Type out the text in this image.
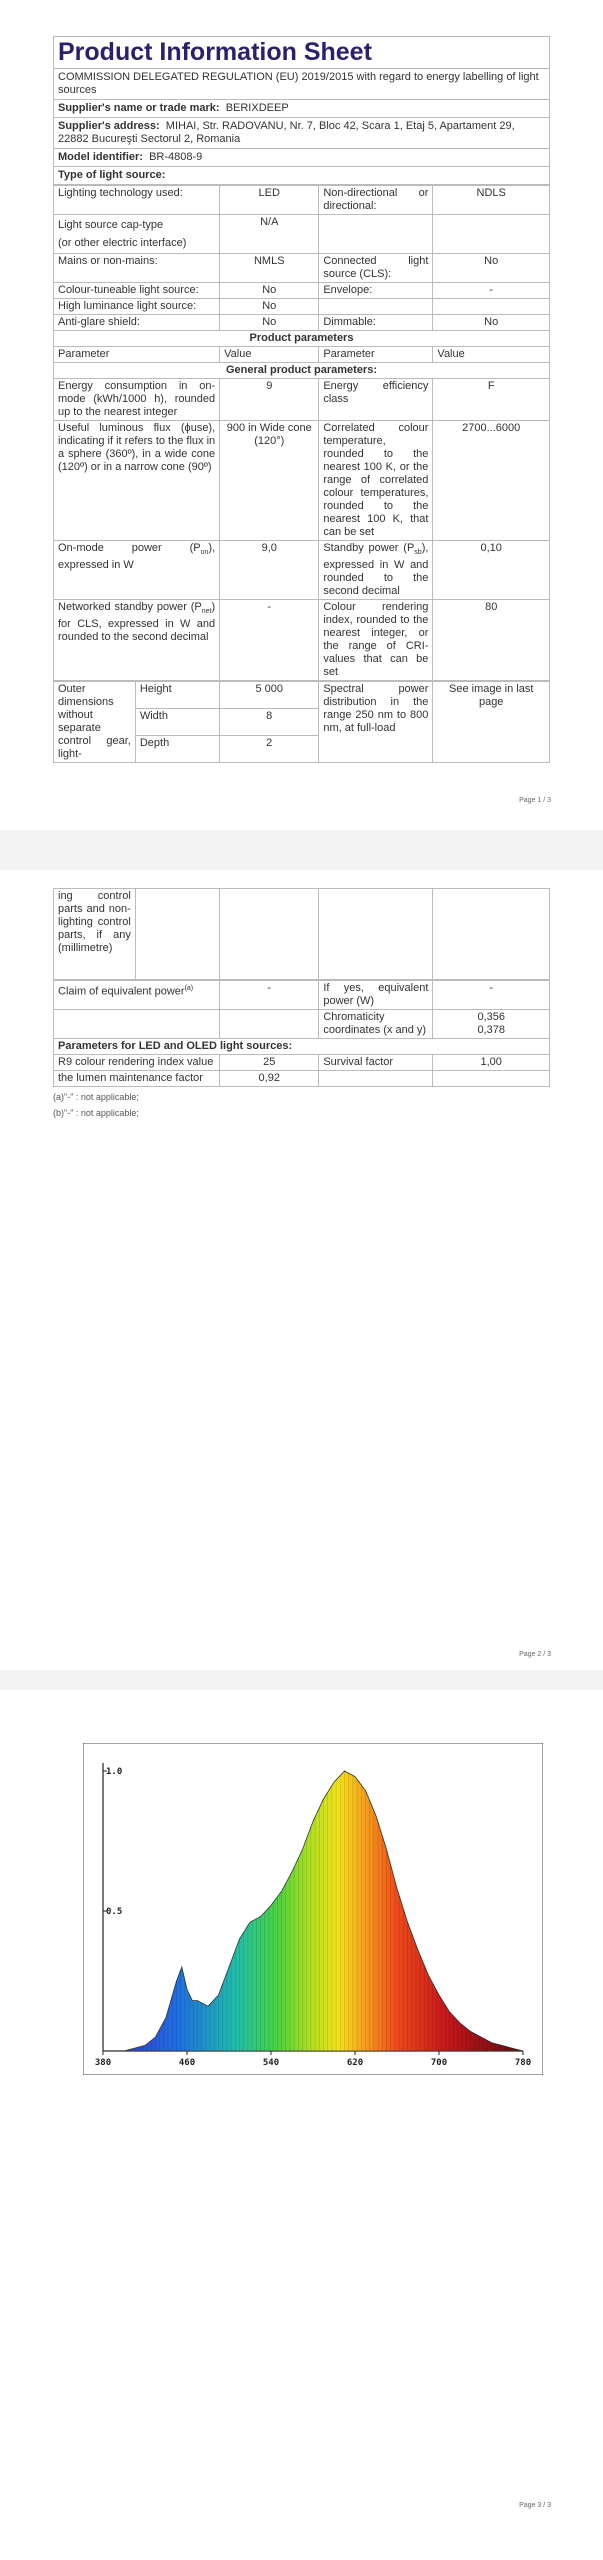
Product Information Sheet
COMMISSION DELEGATED REGULATION (EU) 2019/2015 with regard to energy labelling of light sources
Supplier's name or trade mark: BERIXDEEP
Supplier's address: MIHAI, Str. RADOVANU, Nr. 7, Bloc 42, Scara 1, Etaj 5, Apartament 29, 22882 Bucureşti Sectorul 2, Romania
Model identifier: BR-4808-9
Type of light source:
Lighting technology used:	LED	Non-directional or directional:	NDLS
Light source cap-type
(or other electric interface)	N/A		
Mains or non-mains:	NMLS	Connected light source (CLS):	No
Colour-tuneable light source:	No	Envelope:	-
High luminance light source:	No		
Anti-glare shield:	No	Dimmable:	No
Product parameters			
Parameter	Value	Parameter	Value
General product parameters:			
Energy consumption in on-mode (kWh/1000 h), rounded up to the nearest integer	9	Energy efficiency class	F
Useful luminous flux (ϕuse), indicating if it refers to the flux in a sphere (360º), in a wide cone (120º) or in a narrow cone (90º)	900 in Wide cone (120°)	Correlated colour temperature, rounded to the nearest 100 K, or the range of correlated colour temperatures, rounded to the nearest 100 K, that can be set	2700...6000
On-mode power $(P_{on})$, expressed in W	9,0	Standby power $(P_{sb})$, expressed in W and rounded to the second decimal	0,10
Networked standby power $(P_{net})$ for CLS, expressed in W and rounded to the second decimal	-	Colour rendering index, rounded to the nearest integer, or the range of CRI-values that can be set	80
Outer dimensions without separate control gear, light-	Height	5 000	Spectral power distribution in the range 250 nm to 800 nm, at full-load	See image in last page
	Width	8		
	Depth	2		
Page 1 / 3
ing control parts and non-lighting control parts, if any (millimetre)				
Claim of equivalent power$^{(a)}$	-	If yes, equivalent power (W)	-
		Chromaticity coordinates (x and y)	0,356
0,378
Parameters for LED and OLED light sources:			
R9 colour rendering index value	25	Survival factor	1,00
the lumen maintenance factor	0,92		
(a)"-" : not applicable;
(b)"-" : not applicable;
Page 2 / 3
Page 3 / 3
380	460	540	620	700	780
0.5
1.0
